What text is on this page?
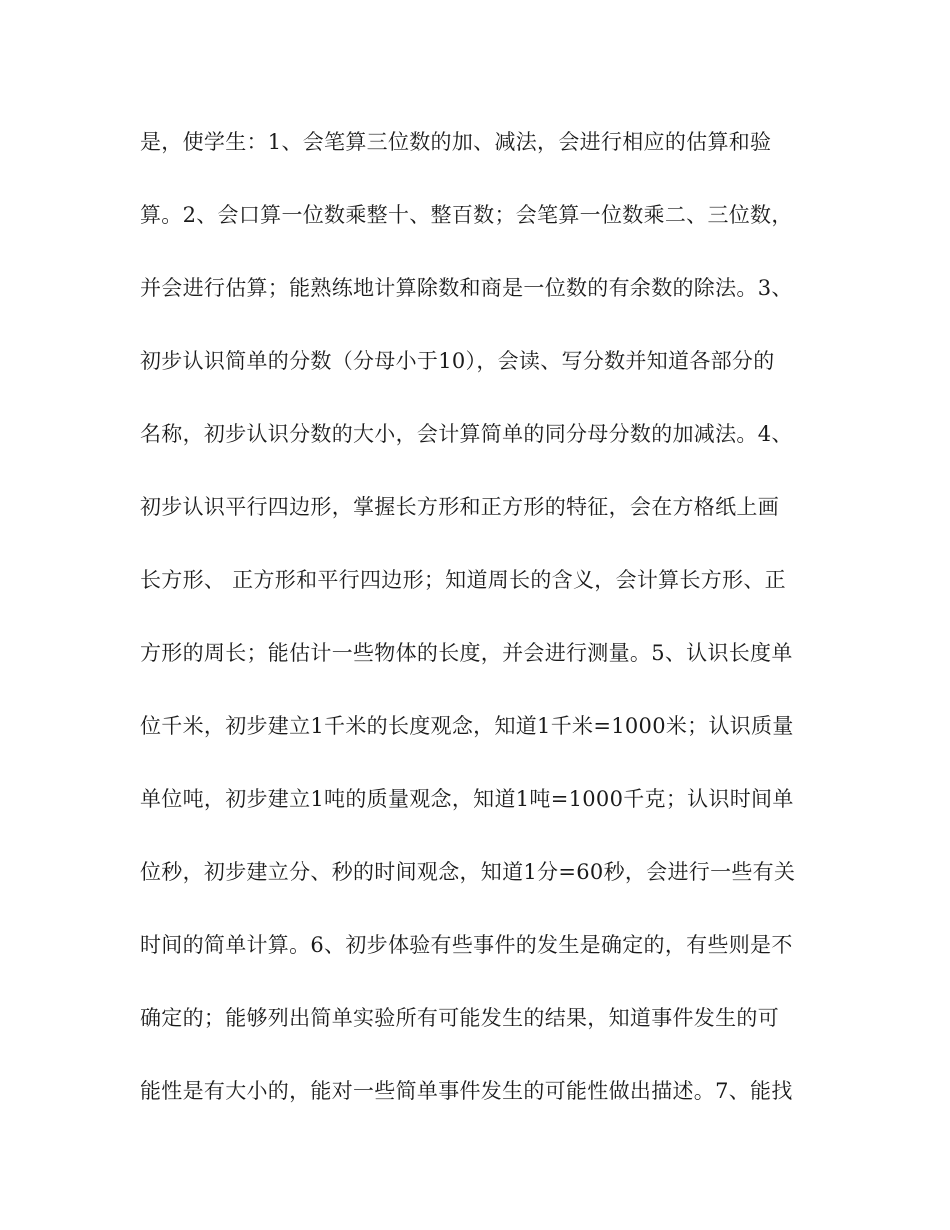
是，使学生：1、会笔算三位数的加、减法，会进行相应的估算和验
算。2、会口算一位数乘整十、整百数；会笔算一位数乘二、三位数，
并会进行估算；能熟练地计算除数和商是一位数的有余数的除法。3、
初步认识简单的分数（分母小于10），会读、写分数并知道各部分的
名称，初步认识分数的大小，会计算简单的同分母分数的加减法。4、
初步认识平行四边形，掌握长方形和正方形的特征，会在方格纸上画
长方形、 正方形和平行四边形；知道周长的含义，会计算长方形、正
方形的周长；能估计一些物体的长度，并会进行测量。5、认识长度单
位千米，初步建立1千米的长度观念，知道1千米=1000米；认识质量
单位吨，初步建立1吨的质量观念，知道1吨=1000千克；认识时间单
位秒，初步建立分、秒的时间观念，知道1分=60秒，会进行一些有关
时间的简单计算。6、初步体验有些事件的发生是确定的，有些则是不
确定的；能够列出简单实验所有可能发生的结果，知道事件发生的可
能性是有大小的，能对一些简单事件发生的可能性做出描述。7、能找
